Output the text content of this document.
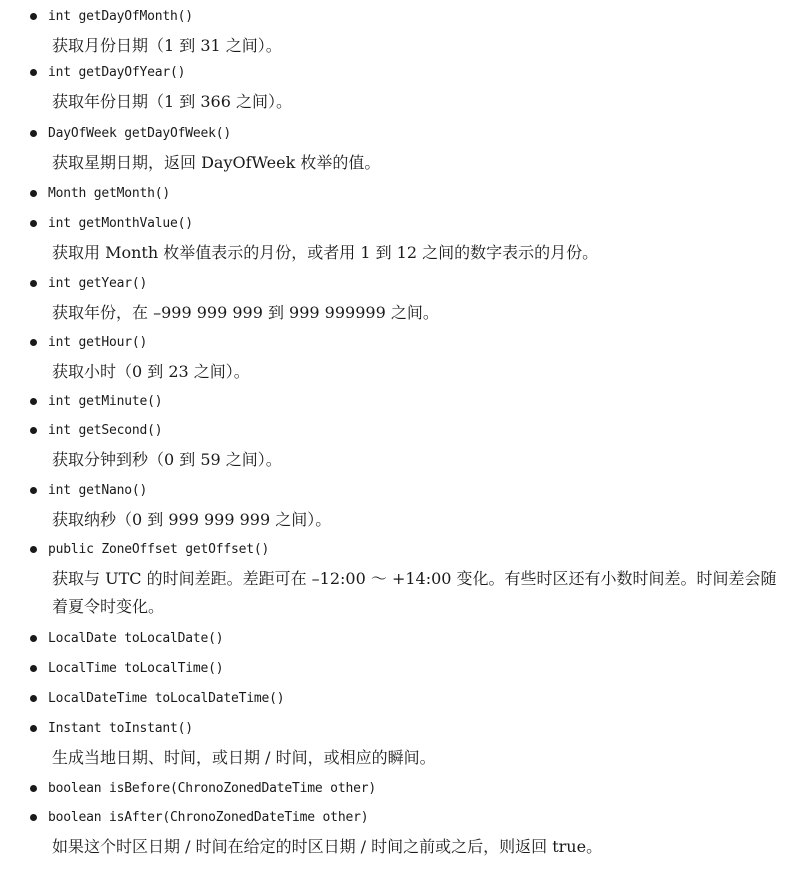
int getDayOfMonth()
获取月份日期（1 到 31 之间）。
int getDayOfYear()
获取年份日期（1 到 366 之间）。
DayOfWeek getDayOfWeek()
获取星期日期，返回 DayOfWeek 枚举的值。
Month getMonth()
int getMonthValue()
获取用 Month 枚举值表示的月份，或者用 1 到 12 之间的数字表示的月份。
int getYear()
获取年份，在 –999 999 999 到 999 999999 之间。
int getHour()
获取小时（0 到 23 之间）。
int getMinute()
int getSecond()
获取分钟到秒（0 到 59 之间）。
int getNano()
获取纳秒（0 到 999 999 999 之间）。
public ZoneOffset getOffset()
获取与 UTC 的时间差距。差距可在 –12:00 ～ +14:00 变化。有些时区还有小数时间差。时间差会随着夏令时变化。
LocalDate toLocalDate()
LocalTime toLocalTime()
LocalDateTime toLocalDateTime()
Instant toInstant()
生成当地日期、时间，或日期 / 时间，或相应的瞬间。
boolean isBefore(ChronoZonedDateTime other)
boolean isAfter(ChronoZonedDateTime other)
如果这个时区日期 / 时间在给定的时区日期 / 时间之前或之后，则返回 true。
